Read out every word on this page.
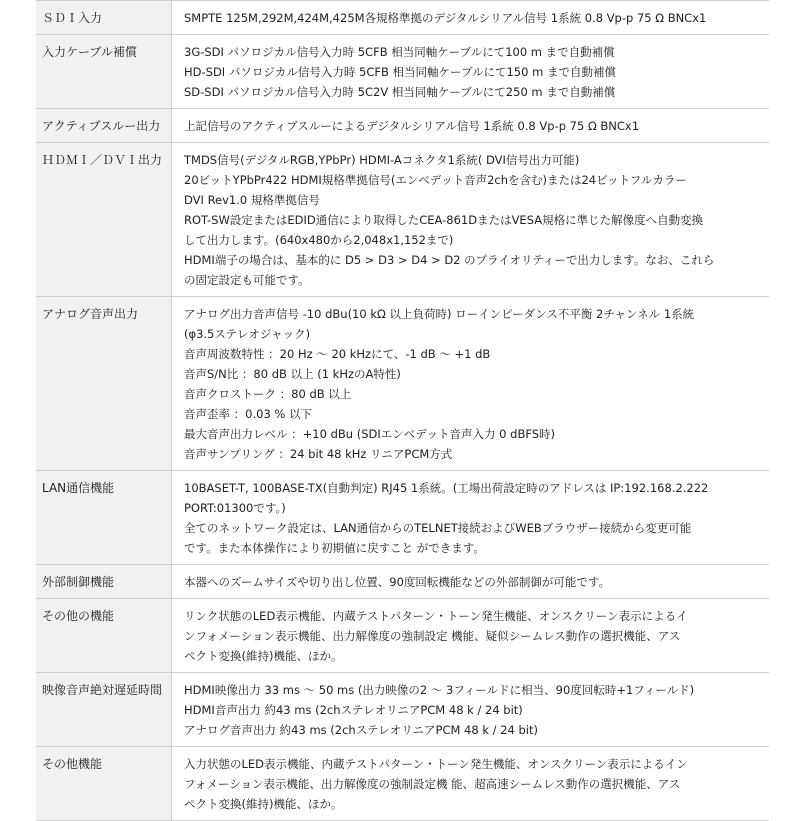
ＳＤＩ入力	SMPTE 125M,292M,424M,425M各規格準拠のデジタルシリアル信号 1系統 0.8 Vp-p 75 Ω BNCx1
入力ケーブル補償	3G-SDI パソロジカル信号入力時 5CFB 相当同軸ケーブルにて100 m まで自動補償
HD-SDI パソロジカル信号入力時 5CFB 相当同軸ケーブルにて150 m まで自動補償
SD-SDI パソロジカル信号入力時 5C2V 相当同軸ケーブルにて250 m まで自動補償
アクティブスルー出力	上記信号のアクティブスルーによるデジタルシリアル信号 1系統 0.8 Vp-p 75 Ω BNCx1
ＨＤＭＩ／ＤＶＩ出力	TMDS信号(デジタルRGB,YPbPr) HDMI-Aコネクタ1系統( DVI信号出力可能)
20ビットYPbPr422 HDMI規格準拠信号(エンベデット音声2chを含む)または24ビットフルカラー
DVI Rev1.0 規格準拠信号
ROT-SW設定またはEDID通信により取得したCEA-861DまたはVESA規格に準じた解像度へ自動変換
して出力します。(640x480から2,048x1,152まで)
HDMI端子の場合は、基本的に D5 > D3 > D4 > D2 のプライオリティーで出力します。なお、これら
の固定設定も可能です。
アナログ音声出力	アナログ出力音声信号 -10 dBu(10 kΩ 以上負荷時) ローインピーダンス不平衡 2チャンネル 1系統
(φ3.5ステレオジャック)
音声周波数特性 ：20 Hz 〜 20 kHzにて、-1 dB 〜 +1 dB
音声S/N比 ：80 dB 以上 (1 kHzのA特性)
音声クロストーク ：80 dB 以上
音声歪率 ：0.03 % 以下
最大音声出力レベル ：+10 dBu (SDIエンベデット音声入力 0 dBFS時)
音声サンプリング ：24 bit 48 kHz リニアPCM方式
LAN通信機能	10BASET-T, 100BASE-TX(自動判定) RJ45 1系統。(工場出荷設定時のアドレスは IP:192.168.2.222
PORT:01300です。)
全てのネットワーク設定は、LAN通信からのTELNET接続およびWEBブラウザー接続から変更可能
です。また本体操作により初期値に戻すこと ができます。
外部制御機能	本器へのズームサイズや切り出し位置、90度回転機能などの外部制御が可能です。
その他の機能	リンク状態のLED表示機能、内蔵テストパターン・トーン発生機能、オンスクリーン表示によるイ
ンフォメーション表示機能、出力解像度の強制設定 機能、疑似シームレス動作の選択機能、アス
ペクト変換(維持)機能、ほか。
映像音声絶対遅延時間	HDMI映像出力 33 ms 〜 50 ms (出力映像の2 〜 3フィールドに相当、90度回転時+1フィールド)
HDMI音声出力 約43 ms (2chステレオリニアPCM 48 k / 24 bit)
アナログ音声出力 約43 ms (2chステレオリニアPCM 48 k / 24 bit)
その他機能	入力状態のLED表示機能、内蔵テストパターン・トーン発生機能、オンスクリーン表示によるイン
フォメーション表示機能、出力解像度の強制設定機 能、超高速シームレス動作の選択機能、アス
ペクト変換(維持)機能、ほか。
